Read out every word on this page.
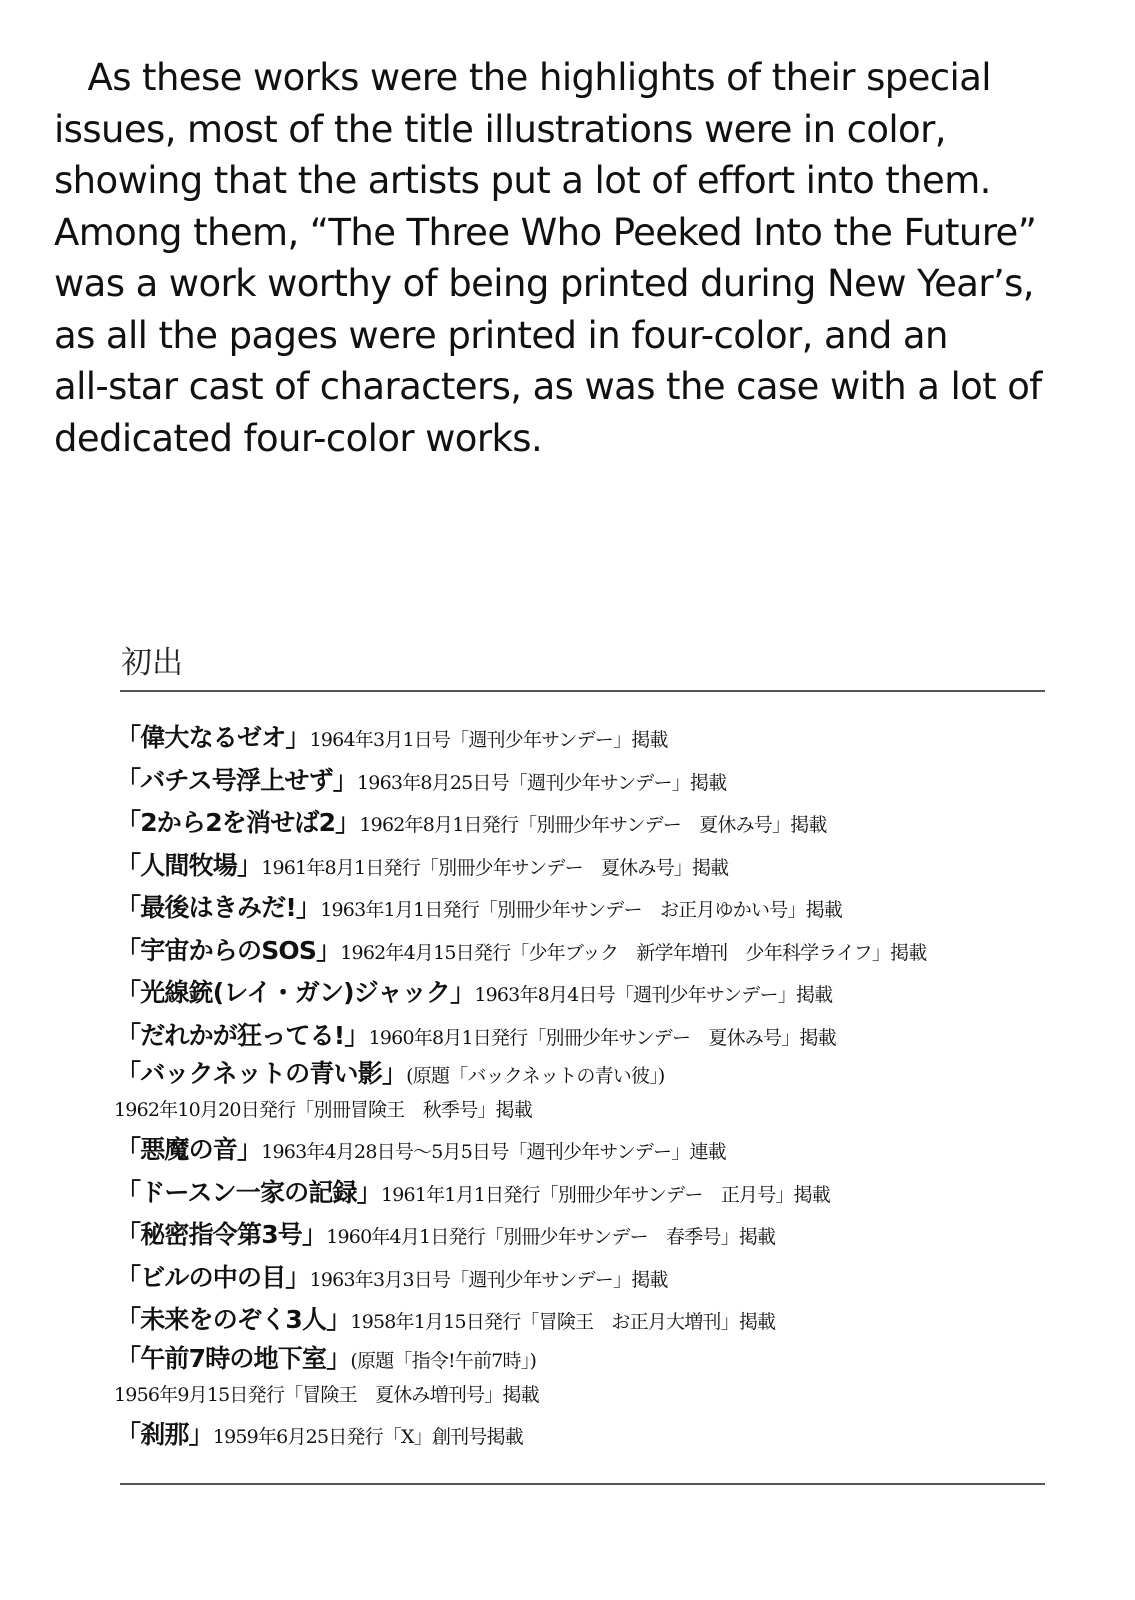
As these works were the highlights of their special
issues, most of the title illustrations were in color,
showing that the artists put a lot of effort into them.
Among them, “The Three Who Peeked Into the Future”
was a work worthy of being printed during New Year’s,
as all the pages were printed in four-color, and an
all-star cast of characters, as was the case with a lot of
dedicated four-color works.
初出
「偉大なるゼオ」1964年3月1日号「週刊少年サンデー」掲載
「バチス号浮上せず」1963年8月25日号「週刊少年サンデー」掲載
「2から2を消せば2」1962年8月1日発行「別冊少年サンデー　夏休み号」掲載
「人間牧場」1961年8月1日発行「別冊少年サンデー　夏休み号」掲載
「最後はきみだ!」1963年1月1日発行「別冊少年サンデー　お正月ゆかい号」掲載
「宇宙からのSOS」1962年4月15日発行「少年ブック　新学年増刊　少年科学ライフ」掲載
「光線銃(レイ・ガン)ジャック」1963年8月4日号「週刊少年サンデー」掲載
「だれかが狂ってる!」1960年8月1日発行「別冊少年サンデー　夏休み号」掲載
「バックネットの青い影」(原題「バックネットの青い彼」)
1962年10月20日発行「別冊冒険王　秋季号」掲載
「悪魔の音」1963年4月28日号〜5月5日号「週刊少年サンデー」連載
「ドースン一家の記録」1961年1月1日発行「別冊少年サンデー　正月号」掲載
「秘密指令第3号」1960年4月1日発行「別冊少年サンデー　春季号」掲載
「ビルの中の目」1963年3月3日号「週刊少年サンデー」掲載
「未来をのぞく3人」1958年1月15日発行「冒険王　お正月大増刊」掲載
「午前7時の地下室」(原題「指令!午前7時」)
1956年9月15日発行「冒険王　夏休み増刊号」掲載
「刹那」1959年6月25日発行「X」創刊号掲載
